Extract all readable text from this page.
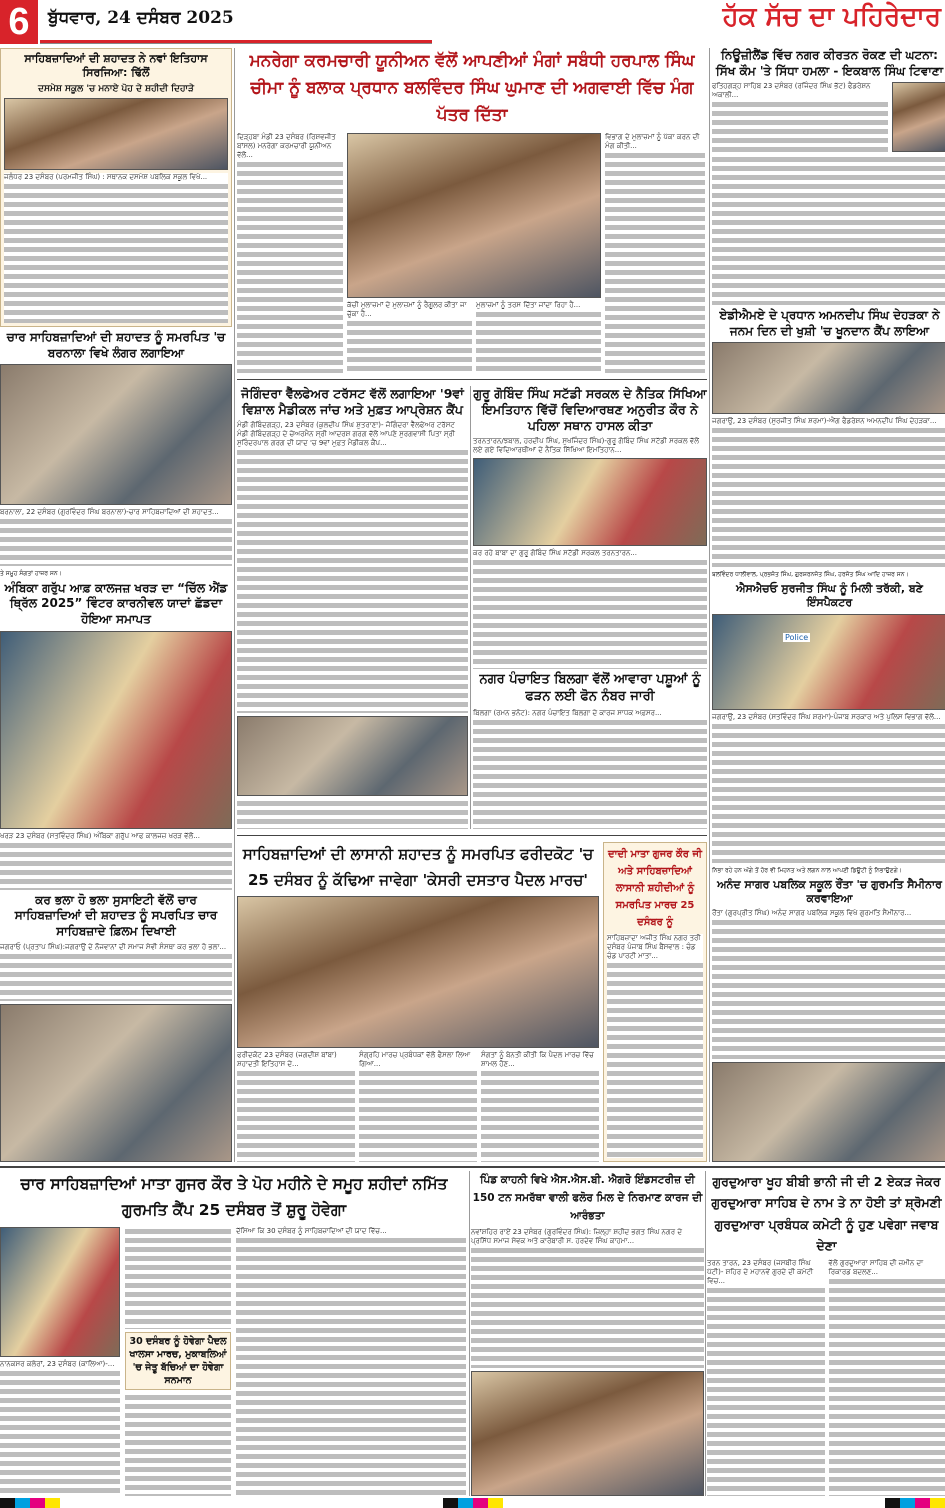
6	ਬੁੱਧਵਾਰ, 24 ਦਸੰਬਰ 2025	ਹੱਕ ਸੱਚ ਦਾ ਪਹਿਰੇਦਾਰ
ਸਾਹਿਬਜ਼ਾਦਿਆਂ ਦੀ ਸ਼ਹਾਦਤ ਨੇ ਨਵਾਂ ਇਤਿਹਾਸ ਸਿਰਜਿਆ: ਢਿੱਲੋਂ
ਦਸਮੇਸ਼ ਸਕੂਲ 'ਚ ਮਨਾਏ ਪੋਹ ਦੇ ਸ਼ਹੀਦੀ ਦਿਹਾੜੇ
ਜਲੰਧਰ 23 ਦਸੰਬਰ (ਪਰਮਜੀਤ ਸਿੰਘ) : ਸਥਾਨਕ ਦਸਮੇਸ਼ ਪਬਲਿਕ ਸਕੂਲ ਵਿਖੇ...
ਚਾਰ ਸਾਹਿਬਜ਼ਾਦਿਆਂ ਦੀ ਸ਼ਹਾਦਤ ਨੂੰ ਸਮਰਪਿਤ 'ਚ ਬਰਨਾਲਾ ਵਿਖੇ ਲੰਗਰ ਲਗਾਇਆ
ਬਰਨਾਲਾ, 22 ਦਸੰਬਰ (ਗੁਰਵਿੰਦਰ ਸਿੰਘ ਬਰਨਾਲਾ)-ਚਾਰ ਸਾਹਿਬਜ਼ਾਦਿਆਂ ਦੀ ਸ਼ਹਾਦਤ...
ਤੇ ਸਮੂਹ ਸੰਗਤਾਂ ਹਾਜ਼ਰ ਸਨ।
ਅੰਬਿਕਾ ਗਰੁੱਪ ਆਫ਼ ਕਾਲਜਜ਼ ਖਰੜ ਦਾ “ਚਿੱਲ ਐਂਡ ਥ੍ਰਿੱਲ 2025” ਵਿੰਟਰ ਕਾਰਨੀਵਲ ਯਾਦਾਂ ਛੱਡਦਾ ਹੋਇਆ ਸਮਾਪਤ
ਖਰੜ 23 ਦਸੰਬਰ (ਸਤਵਿੰਦਰ ਸਿੰਘ) ਅੰਬਿਕਾ ਗਰੁੱਪ ਆਫ ਕਾਲਜਜ਼ ਖਰੜ ਵੱਲੋਂ...
ਕਰ ਭਲਾ ਹੋ ਭਲਾ ਸੁਸਾਇਟੀ ਵੱਲੋਂ ਚਾਰ ਸਾਹਿਬਜ਼ਾਦਿਆਂ ਦੀ ਸ਼ਹਾਦਤ ਨੂੰ ਸਪਰਪਿਤ ਚਾਰ ਸਾਹਿਬਜ਼ਾਦੇ ਫ਼ਿਲਮ ਦਿਖਾਈ
ਜਗਰਾਓ (ਪ੍ਰਤਾਪ ਸਿੰਘ):ਜਗਰਾਉਂ ਦੇ ਨੌਜਵਾਨਾਂ ਦੀ ਸਮਾਜ ਸੇਵੀ ਸੰਸਥਾ ਕਰ ਭਲਾ ਹੋ ਭਲਾ...
ਮਨਰੇਗਾ ਕਰਮਚਾਰੀ ਯੂਨੀਅਨ ਵੱਲੋਂ ਆਪਣੀਆਂ ਮੰਗਾਂ ਸਬੰਧੀ ਹਰਪਾਲ ਸਿੰਘ ਚੀਮਾ ਨੂੰ ਬਲਾਕ ਪ੍ਰਧਾਨ ਬਲਵਿੰਦਰ ਸਿੰਘ ਘੁਮਾਣ ਦੀ ਅਗਵਾਈ ਵਿੱਚ ਮੰਗ ਪੱਤਰ ਦਿੱਤਾ
ਦਿੜ੍ਹਬਾ ਮੰਡੀ 23 ਦਸੰਬਰ (ਰਿਸ਼ਵਜੀਤ ਬਾਂਸਲ) ਮਨਰੇਗਾ ਕਰਮਚਾਰੀ ਯੂਨੀਅਨ ਵੱਲੋਂ...
ਕੱਚੀ ਮੁਲਾਜ਼ਮਾਂ ਦੇ ਮੁਲਾਜ਼ਮਾਂ ਨੂੰ ਰੈਗੂਲਰ ਕੀਤਾ ਜਾ ਚੁੱਕਾ ਹੈ...
ਮੁਲਾਜ਼ਮਾਂ ਨੂੰ ਤਰਸ ਦਿੱਤਾ ਜਾਂਦਾ ਰਿਹਾ ਹੈ...
ਵਿਭਾਗ ਦੇ ਮੁਲਾਜ਼ਮਾਂ ਨੂੰ ਪੱਕਾ ਕਰਨ ਦੀ ਮੰਗ ਕੀਤੀ...
ਜੋਗਿੰਦਰਾ ਵੈੱਲਫੇਅਰ ਟਰੱਸਟ ਵੱਲੋਂ ਲਗਾਇਆ '9ਵਾਂ ਵਿਸ਼ਾਲ ਮੈਡੀਕਲ ਜਾਂਚ ਅਤੇ ਮੁਫ਼ਤ ਆਪ੍ਰੇਸ਼ਨ ਕੈਂਪ
ਮੰਡੀ ਗੋਬਿੰਦਗੜ੍ਹ, 23 ਦਸੰਬਰ (ਕੁਲਦੀਪ ਸਿੰਘ ਸ਼ੁਤਰਾਣਾ)- ਜੋਗਿੰਦਰਾ ਵੈੱਲਫੇਅਰ ਟਰੱਸਟ ਮੰਡੀ ਗੋਬਿੰਦਗੜ੍ਹ ਦੇ ਚੇਅਰਮੈਨ ਸ੍ਰੀ ਆਦਰਸ਼ ਗਰਗ ਵੱਲੋਂ ਆਪਣੇ ਸੁਰਗਵਾਸੀ ਪਿਤਾ ਸ੍ਰੀ ਸੁਰਿੰਦਰਪਾਲ ਗਰਗ ਦੀ ਯਾਦ 'ਚ 9ਵਾਂ ਮੁਫ਼ਤ ਮੈਡੀਕਲ ਕੈਂਪ...
ਗੁਰੂ ਗੋਬਿੰਦ ਸਿੰਘ ਸਟੱਡੀ ਸਰਕਲ ਦੇ ਨੈਤਿਕ ਸਿੱਖਿਆ ਇਮਤਿਹਾਨ ਵਿੱਚੋਂ ਵਿਦਿਆਰਥਣ ਅਨੁਰੀਤ ਕੌਰ ਨੇ ਪਹਿਲਾ ਸਥਾਨ ਹਾਸਲ ਕੀਤਾ
ਤਰਨਤਾਰਨ/ਝਬਾਲ, ਹਰਦੀਪ ਸਿੰਘ, ਸੁਖਜਿੰਦਰ ਸਿੰਘ)-ਗੁਰੂ ਗੋਬਿੰਦ ਸਿੰਘ ਸਟੱਡੀ ਸਰਕਲ ਵੱਲੋਂ ਲਏ ਗਏ ਵਿਦਿਆਰਥੀਆਂ ਦੇ ਨੈਤਿਕ ਸਿੱਖਿਆ ਇਮਤਿਹਾਨ...
ਕਰ ਰਹੇ ਬਾਬਾ ਦਾ ਗੁਰੂ ਗੋਬਿੰਦ ਸਿੰਘ ਸਟੱਡੀ ਸਰਕਲ ਤਰਨਤਾਰਨ...
ਨਗਰ ਪੰਚਾਇਤ ਬਿਲਗਾ ਵੱਲੋਂ ਆਵਾਰਾ ਪਸ਼ੂਆਂ ਨੂੰ ਫੜਨ ਲਈ ਫੋਨ ਨੰਬਰ ਜਾਰੀ
ਬਿਲਗਾ (ਰਮਨ ਭਨੋਟ): ਨਗਰ ਪੰਚਾਇਤ ਬਿਲਗਾ ਦੇ ਕਾਰਜ ਸਾਧਕ ਅਫ਼ਸਰ...
ਸਾਹਿਬਜ਼ਾਦਿਆਂ ਦੀ ਲਾਸਾਨੀ ਸ਼ਹਾਦਤ ਨੂੰ ਸਮਰਪਿਤ ਫਰੀਦਕੋਟ 'ਚ 25 ਦਸੰਬਰ ਨੂੰ ਕੱਢਿਆ ਜਾਵੇਗਾ 'ਕੇਸਰੀ ਦਸਤਾਰ ਪੈਦਲ ਮਾਰਚ'
ਫਰੀਦਕੋਟ 23 ਦਸੰਬਰ (ਜਗਦੀਸ਼ ਬਾਂਬਾ) ਸ਼ਹਾਦਤੀ ਇਤਿਹਾਸ ਦੇ...
ਸੰਗ੍ਰਹਿ ਮਾਰਚ ਪ੍ਰਬੰਧਕਾਂ ਵੱਲੋਂ ਫੈਸਲਾ ਲਿਆ ਗਿਆ...
ਸੰਗਤਾਂ ਨੂੰ ਬੇਨਤੀ ਕੀਤੀ ਕਿ ਪੈਦਲ ਮਾਰਚ ਵਿੱਚ ਸ਼ਾਮਲ ਹੋਣ...
ਦਾਦੀ ਮਾਤਾ ਗੁਜਰ ਕੌਰ ਜੀ ਅਤੇ ਸਾਹਿਬਜ਼ਾਦਿਆਂ ਲਾਸਾਨੀ ਸ਼ਹੀਦੀਆਂ ਨੂੰ ਸਮਰਪਿਤ ਮਾਰਚ 25 ਦਸੰਬਰ ਨੂੰ
ਸਾਹਿਬਜ਼ਾਦਾ ਅਜੀਤ ਸਿੰਘ ਨਗਰ ਤਰੀ ਦਸੰਬਰ ਪੰਜਾਬ ਸਿੰਘ ਬੈਂਸਵਾਲ : ਚੰਡ ਚੰਡ ਪਾਰਟੀ ਮਾਤਾ...
ਨਿਊਜ਼ੀਲੈਂਡ ਵਿੱਚ ਨਗਰ ਕੀਰਤਨ ਰੋਕਣ ਦੀ ਘਟਨਾ: ਸਿੱਖ ਕੌਮ 'ਤੇ ਸਿੱਧਾ ਹਮਲਾ - ਇਕਬਾਲ ਸਿੰਘ ਟਿਵਾਣਾ
ਫਤਿਹਗੜ੍ਹ ਸਾਹਿਬ 23 ਦਸੰਬਰ (ਰਜਿੰਦਰ ਸਿੰਘ ਭੱਟ) ਫੈਡਰੇਸ਼ਨ ਅਕਾਲੀ...
ਏਡੀਐਮਏ ਦੇ ਪ੍ਰਧਾਨ ਅਮਨਦੀਪ ਸਿੰਘ ਦੇਹੜਕਾ ਨੇ ਜਨਮ ਦਿਨ ਦੀ ਖੁਸ਼ੀ 'ਚ ਖੂਨਦਾਨ ਕੈਂਪ ਲਾਇਆ
ਜਗਰਾਉਂ, 23 ਦਸੰਬਰ (ਸੁਰਜੀਤ ਸਿੰਘ ਸ਼ਰਮਾ)-ਐਂਗ ਫੈਡਰੇਸ਼ਨ ਅਮਨਦੀਪ ਸਿੰਘ ਦੇਹੜਕਾ...
ਬਲਵਿੰਦਰ ਧਾਲੀਵਾਲ, ਪ੍ਰਭਜੋਤ ਸਿੰਘ, ਗੁਰਸ਼ਰਨਜੋਤ ਸਿੰਘ, ਹਰਜੋਤ ਸਿੰਘ ਆਦਿ ਹਾਜ਼ਰ ਸਨ।
ਐਸਐਚਓ ਸੁਰਜੀਤ ਸਿੰਘ ਨੂੰ ਮਿਲੀ ਤਰੱਕੀ, ਬਣੇ ਇੰਸਪੈਕਟਰ
Police
ਜਗਰਾਉਂ, 23 ਦਸੰਬਰ (ਸਤਵਿੰਦਰ ਸਿੰਘ ਸ਼ਰਮਾ)-ਪੰਜਾਬ ਸਰਕਾਰ ਅਤੇ ਪੁਲਿਸ ਵਿਭਾਗ ਵੱਲੋਂ...
ਨਿਭਾ ਰਹੇ ਹਨ ਅੱਗੇ ਤੋਂ ਹੋਰ ਵੀ ਮਿਹਨਤ ਅਤੇ ਲਗਨ ਨਾਲ ਆਪਣੀ ਡਿਊਟੀ ਨੂੰ ਨਿਭਾਉਣਗੇ।
ਅਨੰਦ ਸਾਗਰ ਪਬਲਿਕ ਸਕੂਲ ਰੌਂਤਾ 'ਚ ਗੁਰਮਤਿ ਸੈਮੀਨਾਰ ਕਰਵਾਇਆ
ਰੌਂਤਾ (ਗੁਰਪ੍ਰੀਤ ਸਿੰਘ) ਅਨੰਦ ਸਾਗਰ ਪਬਲਿਕ ਸਕੂਲ ਵਿਖੇ ਗੁਰਮਤਿ ਸੈਮੀਨਾਰ...
ਚਾਰ ਸਾਹਿਬਜ਼ਾਦਿਆਂ ਮਾਤਾ ਗੁਜਰ ਕੌਰ ਤੇ ਪੋਹ ਮਹੀਨੇ ਦੇ ਸਮੂਹ ਸ਼ਹੀਦਾਂ ਨਮਿੱਤ ਗੁਰਮਤਿ ਕੈਂਪ 25 ਦਸੰਬਰ ਤੋਂ ਸ਼ੁਰੂ ਹੋਵੇਗਾ
ਨਾਨਕਸਰ ਕਲੇਰਾਂ, 23 ਦਸੰਬਰ (ਕਾਲਿਆ)-...
30 ਦਸੰਬਰ ਨੂੰ ਹੋਵੇਗਾ ਪੈਦਲ ਖਾਲਸਾ ਮਾਰਚ, ਮੁਕਾਬਲਿਆਂ 'ਚ ਜੇਤੂ ਬੱਚਿਆਂ ਦਾ ਹੋਵੇਗਾ ਸਨਮਾਨ
ਦੱਸਿਆ ਕਿ 30 ਦਸੰਬਰ ਨੂੰ ਸਾਹਿਬਜ਼ਾਦਿਆਂ ਦੀ ਯਾਦ ਵਿੱਚ...
ਪਿੰਡ ਕਾਹਨੀ ਵਿਖੇ ਐਸ.ਐਸ.ਬੀ. ਐਗਰੋ ਇੰਡਸਟਰੀਜ਼ ਦੀ 150 ਟਨ ਸਮਰੱਥਾ ਵਾਲੀ ਫਲੋਰ ਮਿਲ ਦੇ ਨਿਰਮਾਣ ਕਾਰਜ ਦੀ ਆਰੰਭਤਾ
ਨਵਾਂਸ਼ਹਿਰ ਰਾਏਂ 23 ਦਸੰਬਰ (ਗੁਰਵਿੰਦਰ ਸਿੰਘ): ਜ਼ਿਲ੍ਹਾ ਸ਼ਹੀਦ ਭਗਤ ਸਿੰਘ ਨਗਰ ਦੇ ਪ੍ਰਸਿੱਧ ਸਮਾਜ ਸੇਵਕ ਅਤੇ ਕਾਰੋਬਾਰੀ ਸ. ਹਰਦੇਵ ਸਿੰਘ ਕਾਹਮਾ...
ਗੁਰਦੁਆਰਾ ਖੂਹ ਬੀਬੀ ਭਾਨੀ ਜੀ ਦੀ 2 ਏਕੜ ਜੇਕਰ ਗੁਰਦੁਆਰਾ ਸਾਹਿਬ ਦੇ ਨਾਮ ਤੇ ਨਾ ਹੋਈ ਤਾਂ ਸ਼੍ਰੋਮਣੀ ਗੁਰਦੁਆਰਾ ਪ੍ਰਬੰਧਕ ਕਮੇਟੀ ਨੂੰ ਹੁਣ ਪਵੇਗਾ ਜਵਾਬ ਦੇਣਾ
ਤਰਨ ਤਾਰਨ, 23 ਦਸੰਬਰ (ਜਸਬੀਰ ਸਿੰਘ ਪੱਟੀ)- ਸ਼ਹਿਰ ਦੇ ਮਹਾਨਵੇਂ ਗੁਰਦੇ ਦੀ ਕਮੇਟੀ ਵਿਚ...
ਵੱਲੋਂ ਗੁਰਦੁਆਰਾ ਸਾਹਿਬ ਦੀ ਜ਼ਮੀਨ ਦਾ ਰਿਕਾਰਡ ਬਦਲਣ...
